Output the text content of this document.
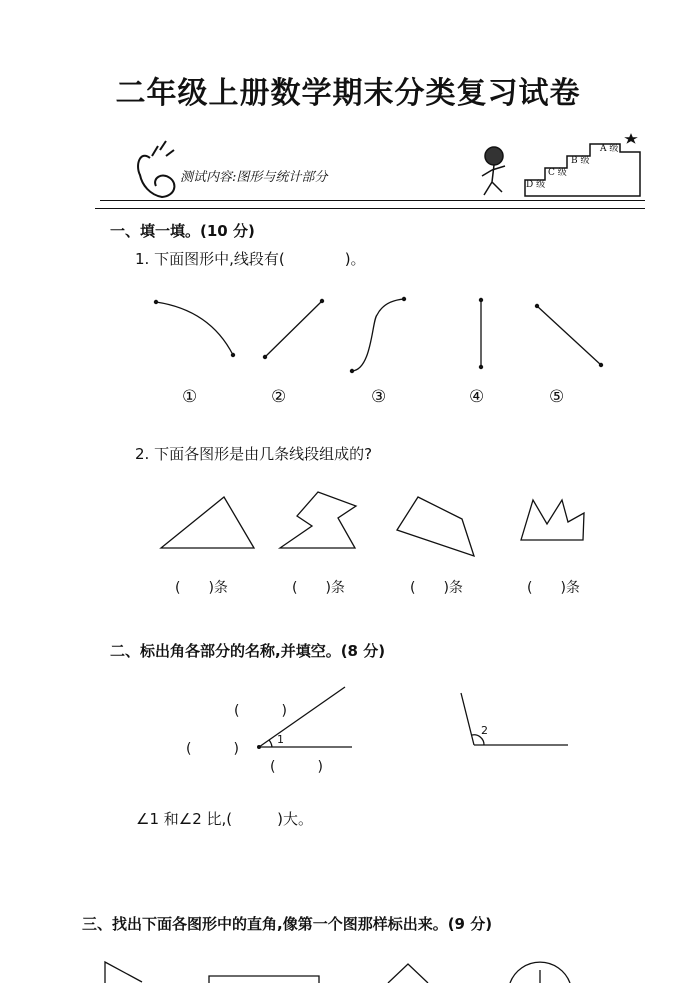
二年级上册数学期末分类复习试卷
A 级
B 级
C 级
D 级
测试内容:图形与统计部分
一、填一填。(10 分)
1. 下面图形中,线段有(　　　　)。
①	②	③	④	⑤
2. 下面各图形是由几条线段组成的?
(　　)条	(　　)条	(　　)条	(　　)条
二、标出角各部分的名称,并填空。(8 分)
(　　　)
(　　　)
(　　　)
1
2
∠1 和∠2 比,(　　　)大。
三、找出下面各图形中的直角,像第一个图那样标出来。(9 分)
